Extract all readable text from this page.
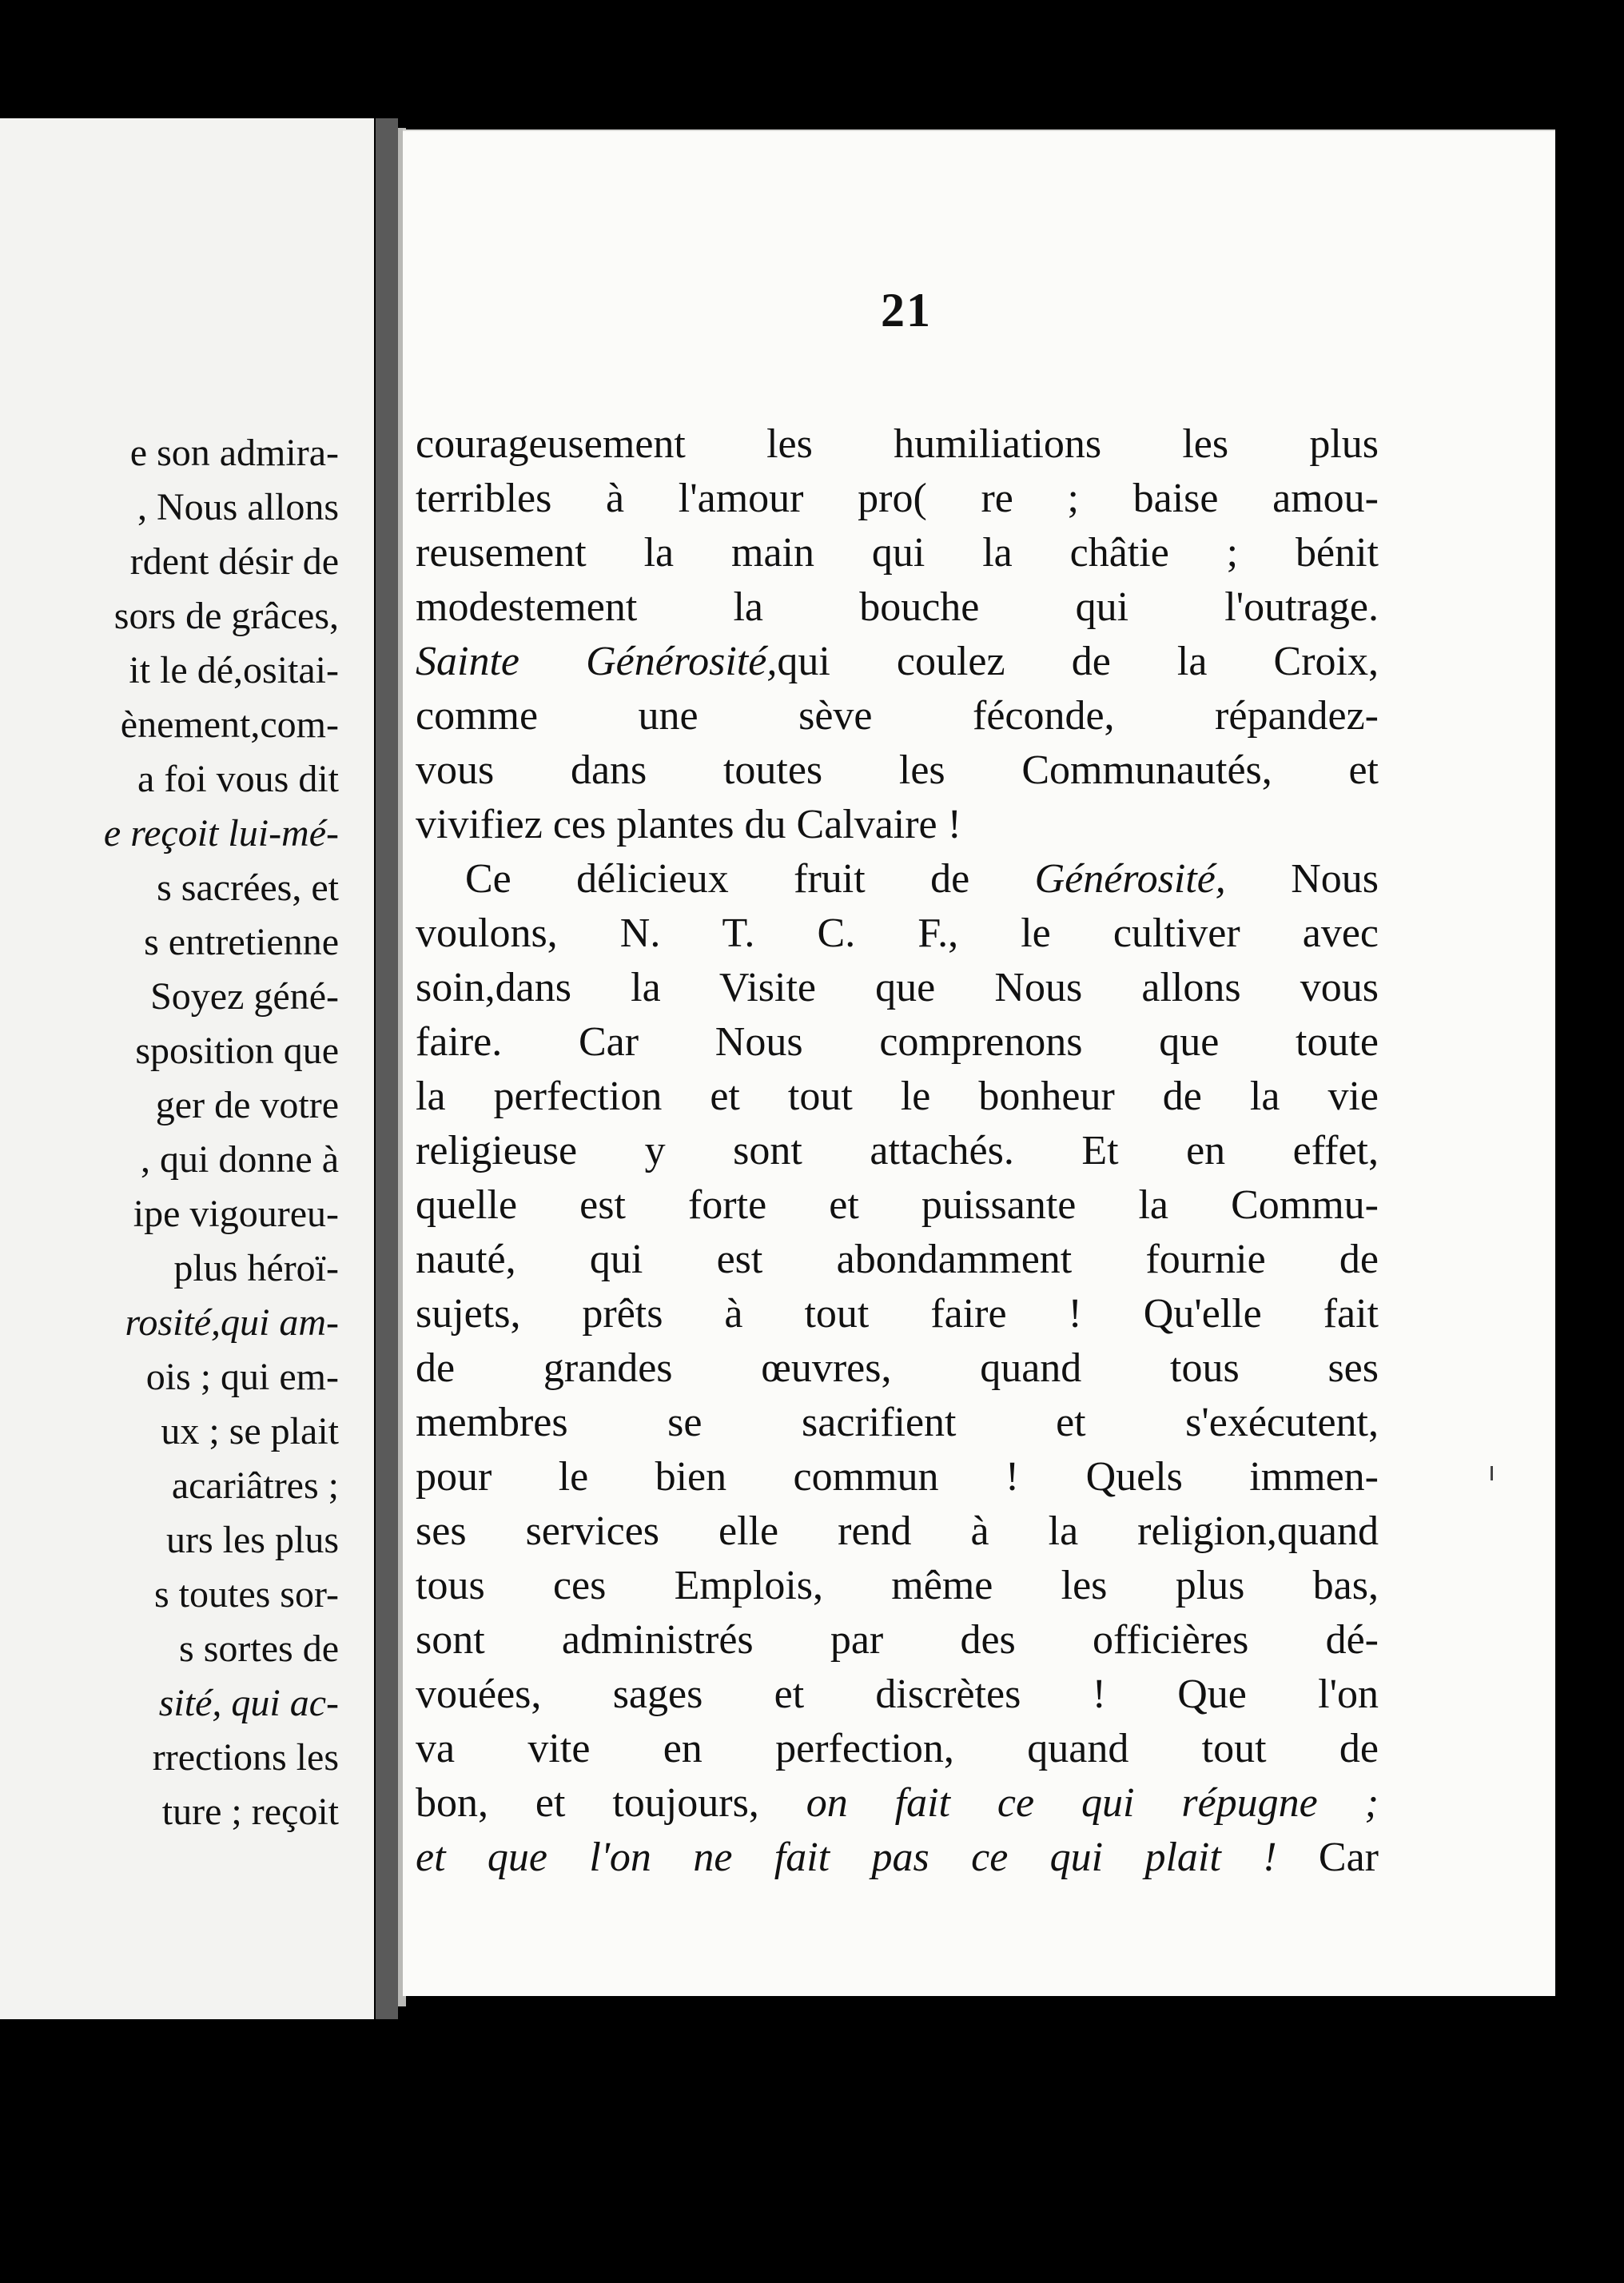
e son admira-
, Nous allons
rdent désir de
sors de grâces,
it le dé,ositai-
ènement,com-
a foi vous dit
e reçoit lui-mé-
s sacrées, et
s entretienne
Soyez géné-
sposition que
ger de votre
, qui donne à
ipe vigoureu-
plus héroï-
rosité,qui am-
ois ; qui em-
ux ; se plait
acariâtres ;
urs les plus
s toutes sor-
s sortes de
sité, qui ac-
rrections les
ture ; reçoit
21
courageusement les humiliations les plus
terribles à l'amour pro( re ; baise amou-
reusement la main qui la châtie ; bénit
modestement la bouche qui l'outrage.
Sainte Générosité,qui coulez de la Croix,
comme une sève féconde, répandez-
vous dans toutes les Communautés, et
vivifiez ces plantes du Calvaire !
Ce délicieux fruit de Générosité, Nous
voulons, N. T. C. F., le cultiver avec
soin,dans la Visite que Nous allons vous
faire. Car Nous comprenons que toute
la perfection et tout le bonheur de la vie
religieuse y sont attachés. Et en effet,
quelle est forte et puissante la Commu-
nauté, qui est abondamment fournie de
sujets, prêts à tout faire ! Qu'elle fait
de grandes œuvres, quand tous ses
membres se sacrifient et s'exécutent,
pour le bien commun ! Quels immen-
ses services elle rend à la religion,quand
tous ces Emplois, même les plus bas,
sont administrés par des officières dé-
vouées, sages et discrètes ! Que l'on
va vite en perfection, quand tout de
bon, et toujours, on fait ce qui répugne ;
et que l'on ne fait pas ce qui plait ! Car
